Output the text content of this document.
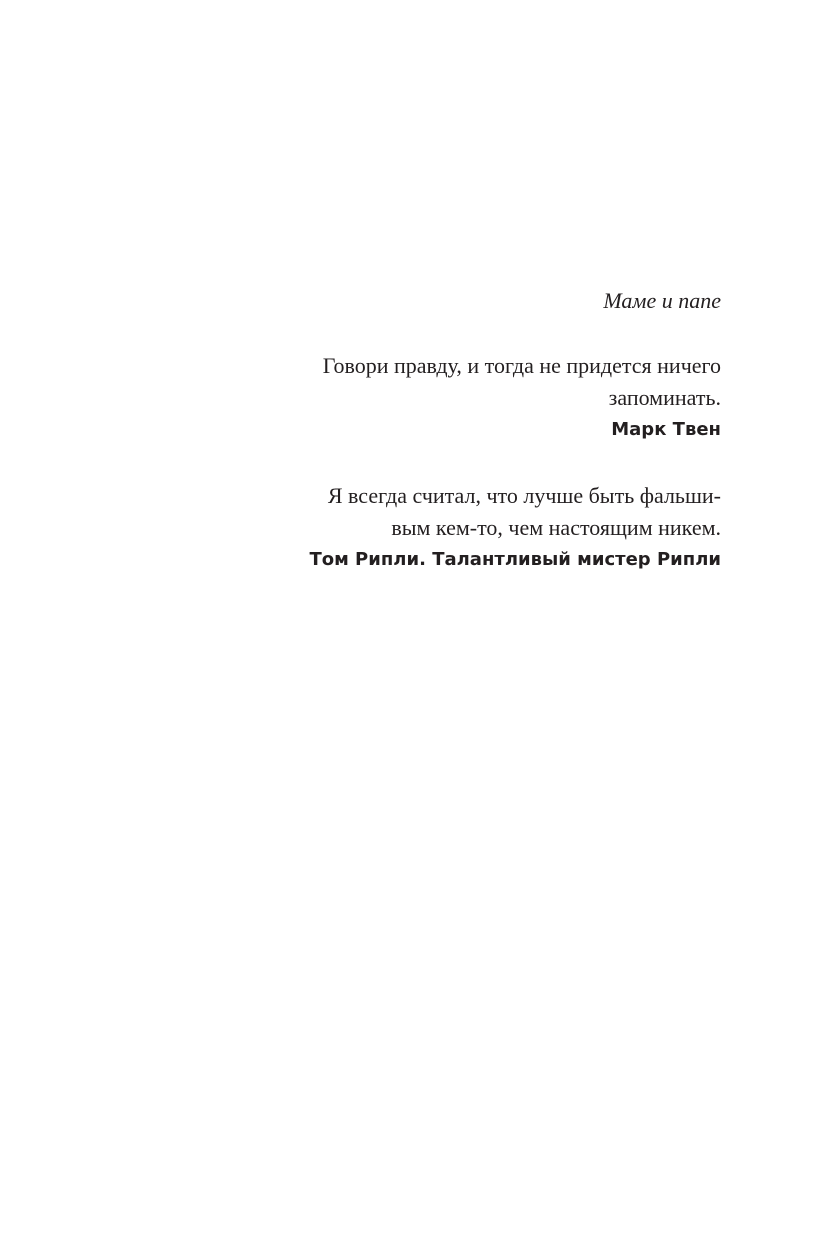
Маме и папе
Говори правду, и тогда не придется ничего
запоминать.
Марк Твен
Я всегда считал, что лучше быть фальши-
вым кем-то, чем настоящим никем.
Том Рипли. Талантливый мистер Рипли
